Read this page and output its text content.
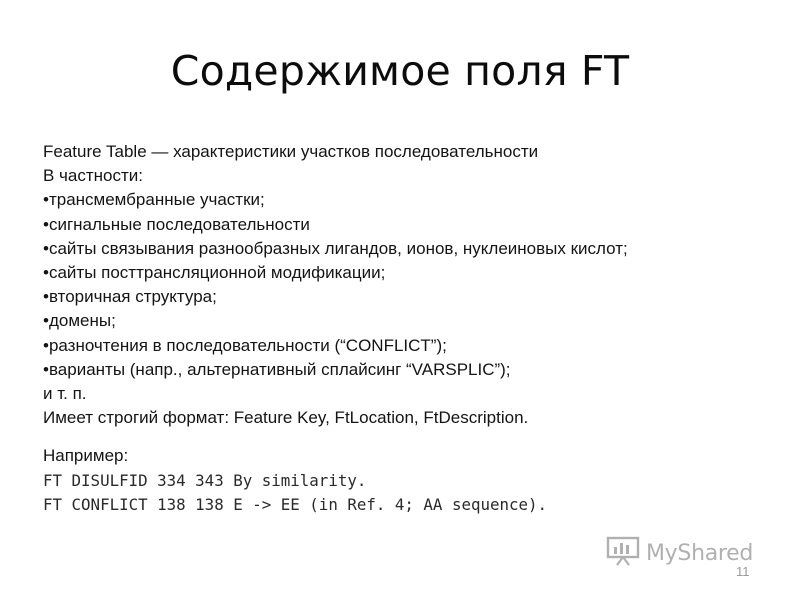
Содержимое поля FT
Feature Table — характеристики участков последовательности
В частности:
•трансмембранные участки;
•сигнальные последовательности
•сайты связывания разнообразных лигандов, ионов, нуклеиновых кислот;
•сайты посттрансляционной модификации;
•вторичная структура;
•домены;
•разночтения в последовательности (“CONFLICT”);
•варианты (напр., альтернативный сплайсинг “VARSPLIC”);
и т. п.
Имеет строгий формат: Feature Key, FtLocation, FtDescription.
Например:
FT DISULFID 334 343 By similarity.
FT CONFLICT 138 138 E -> EE (in Ref. 4; AA sequence).
MyShared
11
